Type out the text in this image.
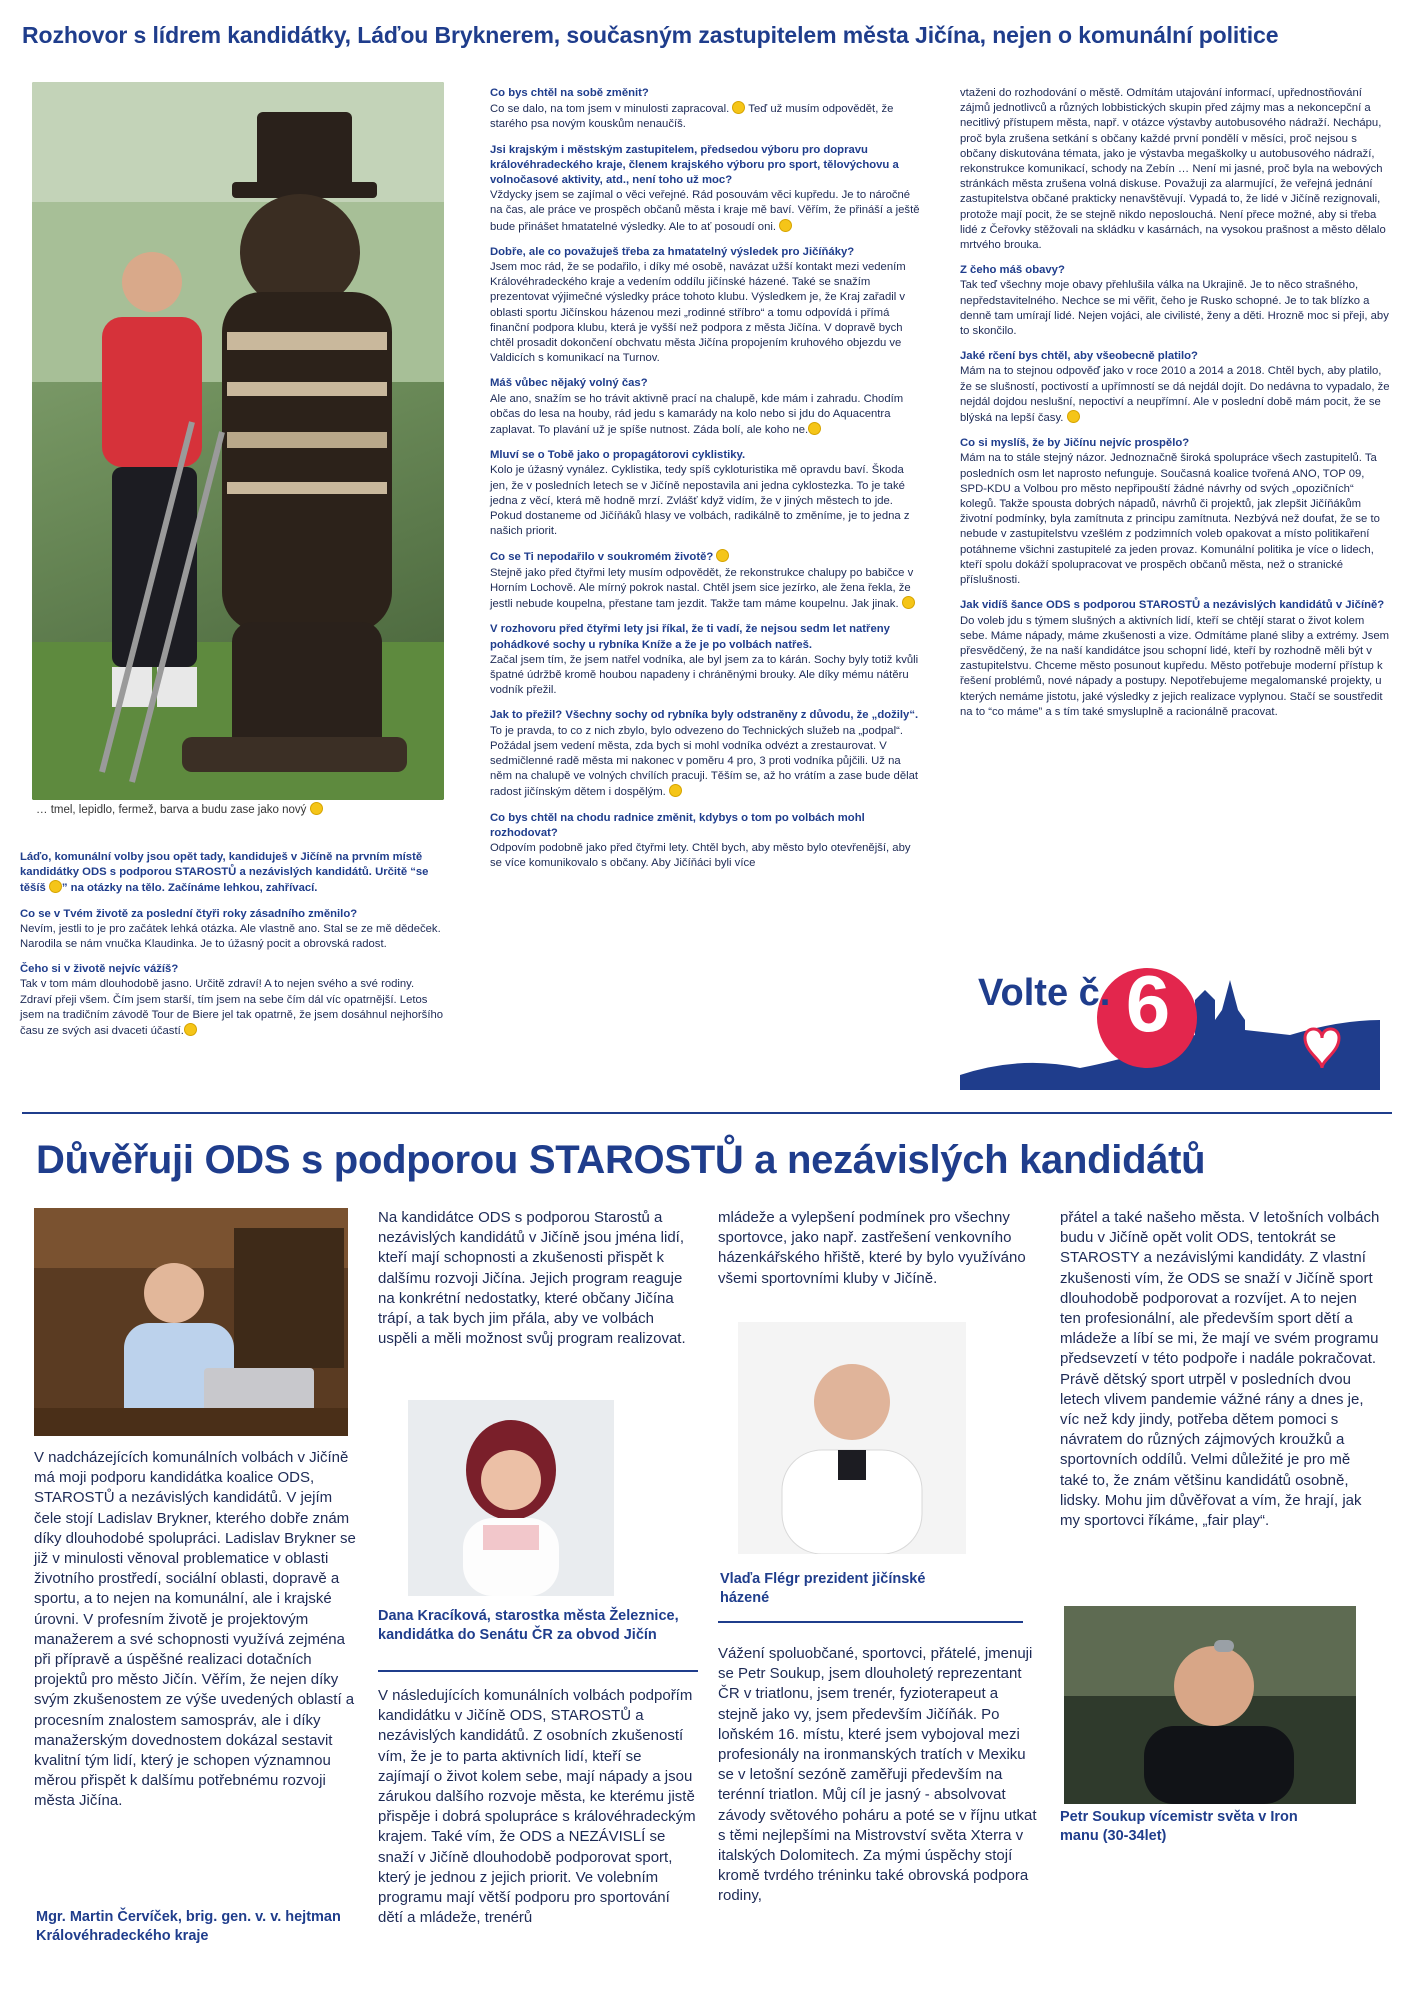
Rozhovor s lídrem kandidátky, Láďou Bryknerem, současným zastupitelem města Jičína, nejen o komunální politice
… tmel, lepidlo, fermež, barva a budu zase jako nový

Láďo, komunální volby jsou opět tady, kandiduješ v Jičíně na prvním místě kandidátky ODS s podporou STAROSTŮ a nezávislých kandidátů. Určitě “se těšíš ” na otázky na tělo. Začínáme lehkou, zahřívací.

Co se v Tvém životě za poslední čtyři roky zásadního změnilo?
Nevím, jestli to je pro začátek lehká otázka. Ale vlastně ano. Stal se ze mě dědeček. Narodila se nám vnučka Klaudinka. Je to úžasný pocit a obrovská radost.

Čeho si v životě nejvíc vážíš?
Tak v tom mám dlouhodobě jasno. Určitě zdraví! A to nejen svého a své rodiny. Zdraví přeji všem. Čím jsem starší, tím jsem na sebe čím dál víc opatrnější. Letos jsem na tradičním závodě Tour de Biere jel tak opatrně, že jsem dosáhnul nejhoršího času ze svých asi dvaceti účastí.

Co bys chtěl na sobě změnit?
Co se dalo, na tom jsem v minulosti zapracoval.  Teď už musím odpovědět, že starého psa novým kouskům nenaučíš.

Jsi krajským i městským zastupitelem, předsedou výboru pro dopravu královéhradeckého kraje, členem krajského výboru pro sport, tělovýchovu a volnočasové aktivity, atd., není toho už moc?
Vždycky jsem se zajímal o věci veřejné. Rád posouvám věci kupředu. Je to náročné na čas, ale práce ve prospěch občanů města i kraje mě baví. Věřím, že přináší a ještě bude přinášet hmatatelné výsledky. Ale to ať posoudí oni.

Dobře, ale co považuješ třeba za hmatatelný výsledek pro Jičíňáky?
Jsem moc rád, že se podařilo, i díky mé osobě, navázat užší kontakt mezi vedením Královéhradeckého kraje a vedením oddílu jičínské házené. Také se snažím prezentovat výjimečné výsledky práce tohoto klubu. Výsledkem je, že Kraj zařadil v oblasti sportu Jičínskou házenou mezi „rodinné stříbro“ a tomu odpovídá i přímá finanční podpora klubu, která je vyšší než podpora z města Jičína. V dopravě bych chtěl prosadit dokončení obchvatu města Jičína propojením kruhového objezdu ve Valdicích s komunikací na Turnov.

Máš vůbec nějaký volný čas?
Ale ano, snažím se ho trávit aktivně prací na chalupě, kde mám i zahradu. Chodím občas do lesa na houby, rád jedu s kamarády na kolo nebo si jdu do Aquacentra zaplavat. To plavání už je spíše nutnost. Záda bolí, ale koho ne.

Mluví se o Tobě jako o propagátorovi cyklistiky.
Kolo je úžasný vynález. Cyklistika, tedy spíš cykloturistika mě opravdu baví. Škoda jen, že v posledních letech se v Jičíně nepostavila ani jedna cyklostezka. To je také jedna z věcí, která mě hodně mrzí. Zvlášť když vidím, že v jiných městech to jde. Pokud dostaneme od Jičíňáků hlasy ve volbách, radikálně to změníme, je to jedna z našich priorit.

Co se Ti nepodařilo v soukromém životě?
Stejně jako před čtyřmi lety musím odpovědět, že rekonstrukce chalupy po babičce v Horním Lochově. Ale mírný pokrok nastal. Chtěl jsem sice jezírko, ale žena řekla, že jestli nebude koupelna, přestane tam jezdit. Takže tam máme koupelnu. Jak jinak.

V rozhovoru před čtyřmi lety jsi říkal, že ti vadí, že nejsou sedm let natřeny pohádkové sochy u rybníka Kníže a že je po volbách natřeš.
Začal jsem tím, že jsem natřel vodníka, ale byl jsem za to kárán. Sochy byly totiž kvůli špatné údržbě kromě houbou napadeny i chráněnými brouky. Ale díky mému nátěru vodník přežil.

Jak to přežil? Všechny sochy od rybníka byly odstraněny z důvodu, že „dožily“.
To je pravda, to co z nich zbylo, bylo odvezeno do Technických služeb na „podpal“. Požádal jsem vedení města, zda bych si mohl vodníka odvézt a zrestaurovat. V sedmičlenné radě města mi nakonec v poměru 4 pro, 3 proti vodníka půjčili. Už na něm na chalupě ve volných chvílích pracuji. Těším se, až ho vrátím a zase bude dělat radost jičínským dětem i dospělým.

Co bys chtěl na chodu radnice změnit, kdybys o tom po volbách mohl rozhodovat?
Odpovím podobně jako před čtyřmi lety. Chtěl bych, aby město bylo otevřenější, aby se více komunikovalo s občany. Aby Jičíňáci byli více

vtaženi do rozhodování o městě. Odmítám utajování informací, upřednostňování zájmů jednotlivců a různých lobbistických skupin před zájmy mas a nekoncepční a necitlivý přístupem města, např. v otázce výstavby autobusového nádraží. Nechápu, proč byla zrušena setkání s občany každé první pondělí v měsíci, proč nejsou s občany diskutována témata, jako je výstavba megaškolky u autobusového nádraží, rekonstrukce komunikací, schody na Zebín … Není mi jasné, proč byla na webových stránkách města zrušena volná diskuse. Považuji za alarmující, že veřejná jednání zastupitelstva občané prakticky nenavštěvují. Vypadá to, že lidé v Jičíně rezignovali, protože mají pocit, že se stejně nikdo neposlouchá. Není přece možné, aby si třeba lidé z Čeřovky stěžovali na skládku v kasárnách, na vysokou prašnost a město dělalo mrtvého brouka.

Z čeho máš obavy?
Tak teď všechny moje obavy přehlušila válka na Ukrajině. Je to něco strašného, nepředstavitelného. Nechce se mi věřit, čeho je Rusko schopné. Je to tak blízko a denně tam umírají lidé. Nejen vojáci, ale civilisté, ženy a děti. Hrozně moc si přeji, aby to skončilo.

Jaké rčení bys chtěl, aby všeobecně platilo?
Mám na to stejnou odpověď jako v roce 2010 a 2014 a 2018. Chtěl bych, aby platilo, že se slušností, poctivostí a upřímností se dá nejdál dojít. Do nedávna to vypadalo, že nejdál dojdou neslušní, nepoctiví a neupřímní. Ale v poslední době mám pocit, že se blýská na lepší časy.

Co si myslíš, že by Jičínu nejvíc prospělo?
Mám na to stále stejný názor. Jednoznačně široká spolupráce všech zastupitelů. Ta posledních osm let naprosto nefunguje. Současná koalice tvořená ANO, TOP 09, SPD-KDU a Volbou pro město nepřipouští žádné návrhy od svých „opozičních“ kolegů. Takže spousta dobrých nápadů, návrhů či projektů, jak zlepšit Jičíňákům životní podmínky, byla zamítnuta z principu zamítnuta. Nezbývá než doufat, že se to nebude v zastupitelstvu vzešlém z podzimních voleb opakovat a místo politikaření potáhneme všichni zastupitelé za jeden provaz. Komunální politika je více o lidech, kteří spolu dokáží spolupracovat ve prospěch občanů města, než o stranické příslušnosti.

Jak vidíš šance ODS s podporou STAROSTŮ a nezávislých kandidátů v Jičíně?
Do voleb jdu s týmem slušných a aktivních lidí, kteří se chtějí starat o život kolem sebe. Máme nápady, máme zkušenosti a vize. Odmítáme plané sliby a extrémy. Jsem přesvědčený, že na naší kandidátce jsou schopní lidé, kteří by rozhodně měli být v zastupitelstvu. Chceme město posunout kupředu. Město potřebuje moderní přístup k řešení problémů, nové nápady a postupy. Nepotřebujeme megalomanské projekty, u kterých nemáme jistotu, jaké výsledky z jejich realizace vyplynou. Stačí se soustředit na to “co máme” a s tím také smysluplně a racionálně pracovat.

Volte č. 6
Důvěřuji ODS s podporou STAROSTŮ a nezávislých kandidátů

V nadcházejících komunálních volbách v Jičíně má moji podporu kandidátka koalice ODS, STAROSTŮ a nezávislých kandidátů. V jejím čele stojí Ladislav Brykner, kterého dobře znám díky dlouhodobé spolupráci. Ladislav Brykner se již v minulosti věnoval problematice v oblasti životního prostředí, sociální oblasti, dopravě a sportu, a to nejen na komunální, ale i krajské úrovni. V profesním životě je projektovým manažerem a své schopnosti využívá zejména při přípravě a úspěšné realizaci dotačních projektů pro město Jičín. Věřím, že nejen díky svým zkušenostem ze výše uvedených oblastí a procesním znalostem samospráv, ale i díky manažerským dovednostem dokázal sestavit kvalitní tým lidí, který je schopen významnou měrou přispět k dalšímu potřebnému rozvoji města Jičína.

Mgr. Martin Červíček, brig. gen. v. v. hejtman Královéhradeckého kraje

Na kandidátce ODS s podporou Starostů a nezávislých kandidátů v Jičíně jsou jména lidí, kteří mají schopnosti a zkušenosti přispět k dalšímu rozvoji Jičína. Jejich program reaguje na konkrétní nedostatky, které občany Jičína trápí, a tak bych jim přála, aby ve volbách uspěli a měli možnost svůj program realizovat.

Dana Kracíková, starostka města Železnice, kandidátka do Senátu ČR za obvod Jičín

V následujících komunálních volbách podpořím kandidátku v Jičíně ODS, STAROSTŮ a nezávislých kandidátů. Z osobních zkušeností vím, že je to parta aktivních lidí, kteří se zajímají o život kolem sebe, mají nápady a jsou zárukou dalšího rozvoje města, ke kterému jistě přispěje i dobrá spolupráce s královéhradeckým krajem. Také vím, že ODS a NEZÁVISLÍ se snaží v Jičíně dlouhodobě podporovat sport, který je jednou z jejich priorit. Ve volebním programu mají větší podporu pro sportování dětí a mládeže, trenérů

mládeže a vylepšení podmínek pro všechny sportovce, jako např. zastřešení venkovního házenkářského hřiště, které by bylo využíváno všemi sportovními kluby v Jičíně.

Vlaďa Flégr prezident jičínské házené

Vážení spoluobčané, sportovci, přátelé, jmenuji se Petr Soukup, jsem dlouholetý reprezentant ČR v triatlonu, jsem trenér, fyzioterapeut a stejně jako vy, jsem především Jičíňák. Po loňském 16. místu, které jsem vybojoval mezi profesionály na ironmanských tratích v Mexiku se v letošní sezóně zaměřuji především na terénní triatlon. Můj cíl je jasný - absolvovat závody světového poháru a poté se v říjnu utkat s těmi nejlepšími na Mistrovství světa Xterra v italských Dolomitech. Za mými úspěchy stojí kromě tvrdého tréninku také obrovská podpora rodiny,

přátel a také našeho města. V letošních volbách budu v Jičíně opět volit ODS, tentokrát se STAROSTY a nezávislými kandidáty. Z vlastní zkušenosti vím, že ODS se snaží v Jičíně sport dlouhodobě podporovat a rozvíjet. A to nejen ten profesionální, ale především sport dětí a mládeže a líbí se mi, že mají ve svém programu předsevzetí v této podpoře i nadále pokračovat. Právě dětský sport utrpěl v posledních dvou letech vlivem pandemie vážné rány a dnes je, víc než kdy jindy, potřeba dětem pomoci s návratem do různých zájmových kroužků a sportovních oddílů. Velmi důležité je pro mě také to, že znám většinu kandidátů osobně, lidsky. Mohu jim důvěřovat a vím, že hrají, jak my sportovci říkáme, „fair play“.

Petr Soukup vícemistr světa v Iron manu (30-34let)
